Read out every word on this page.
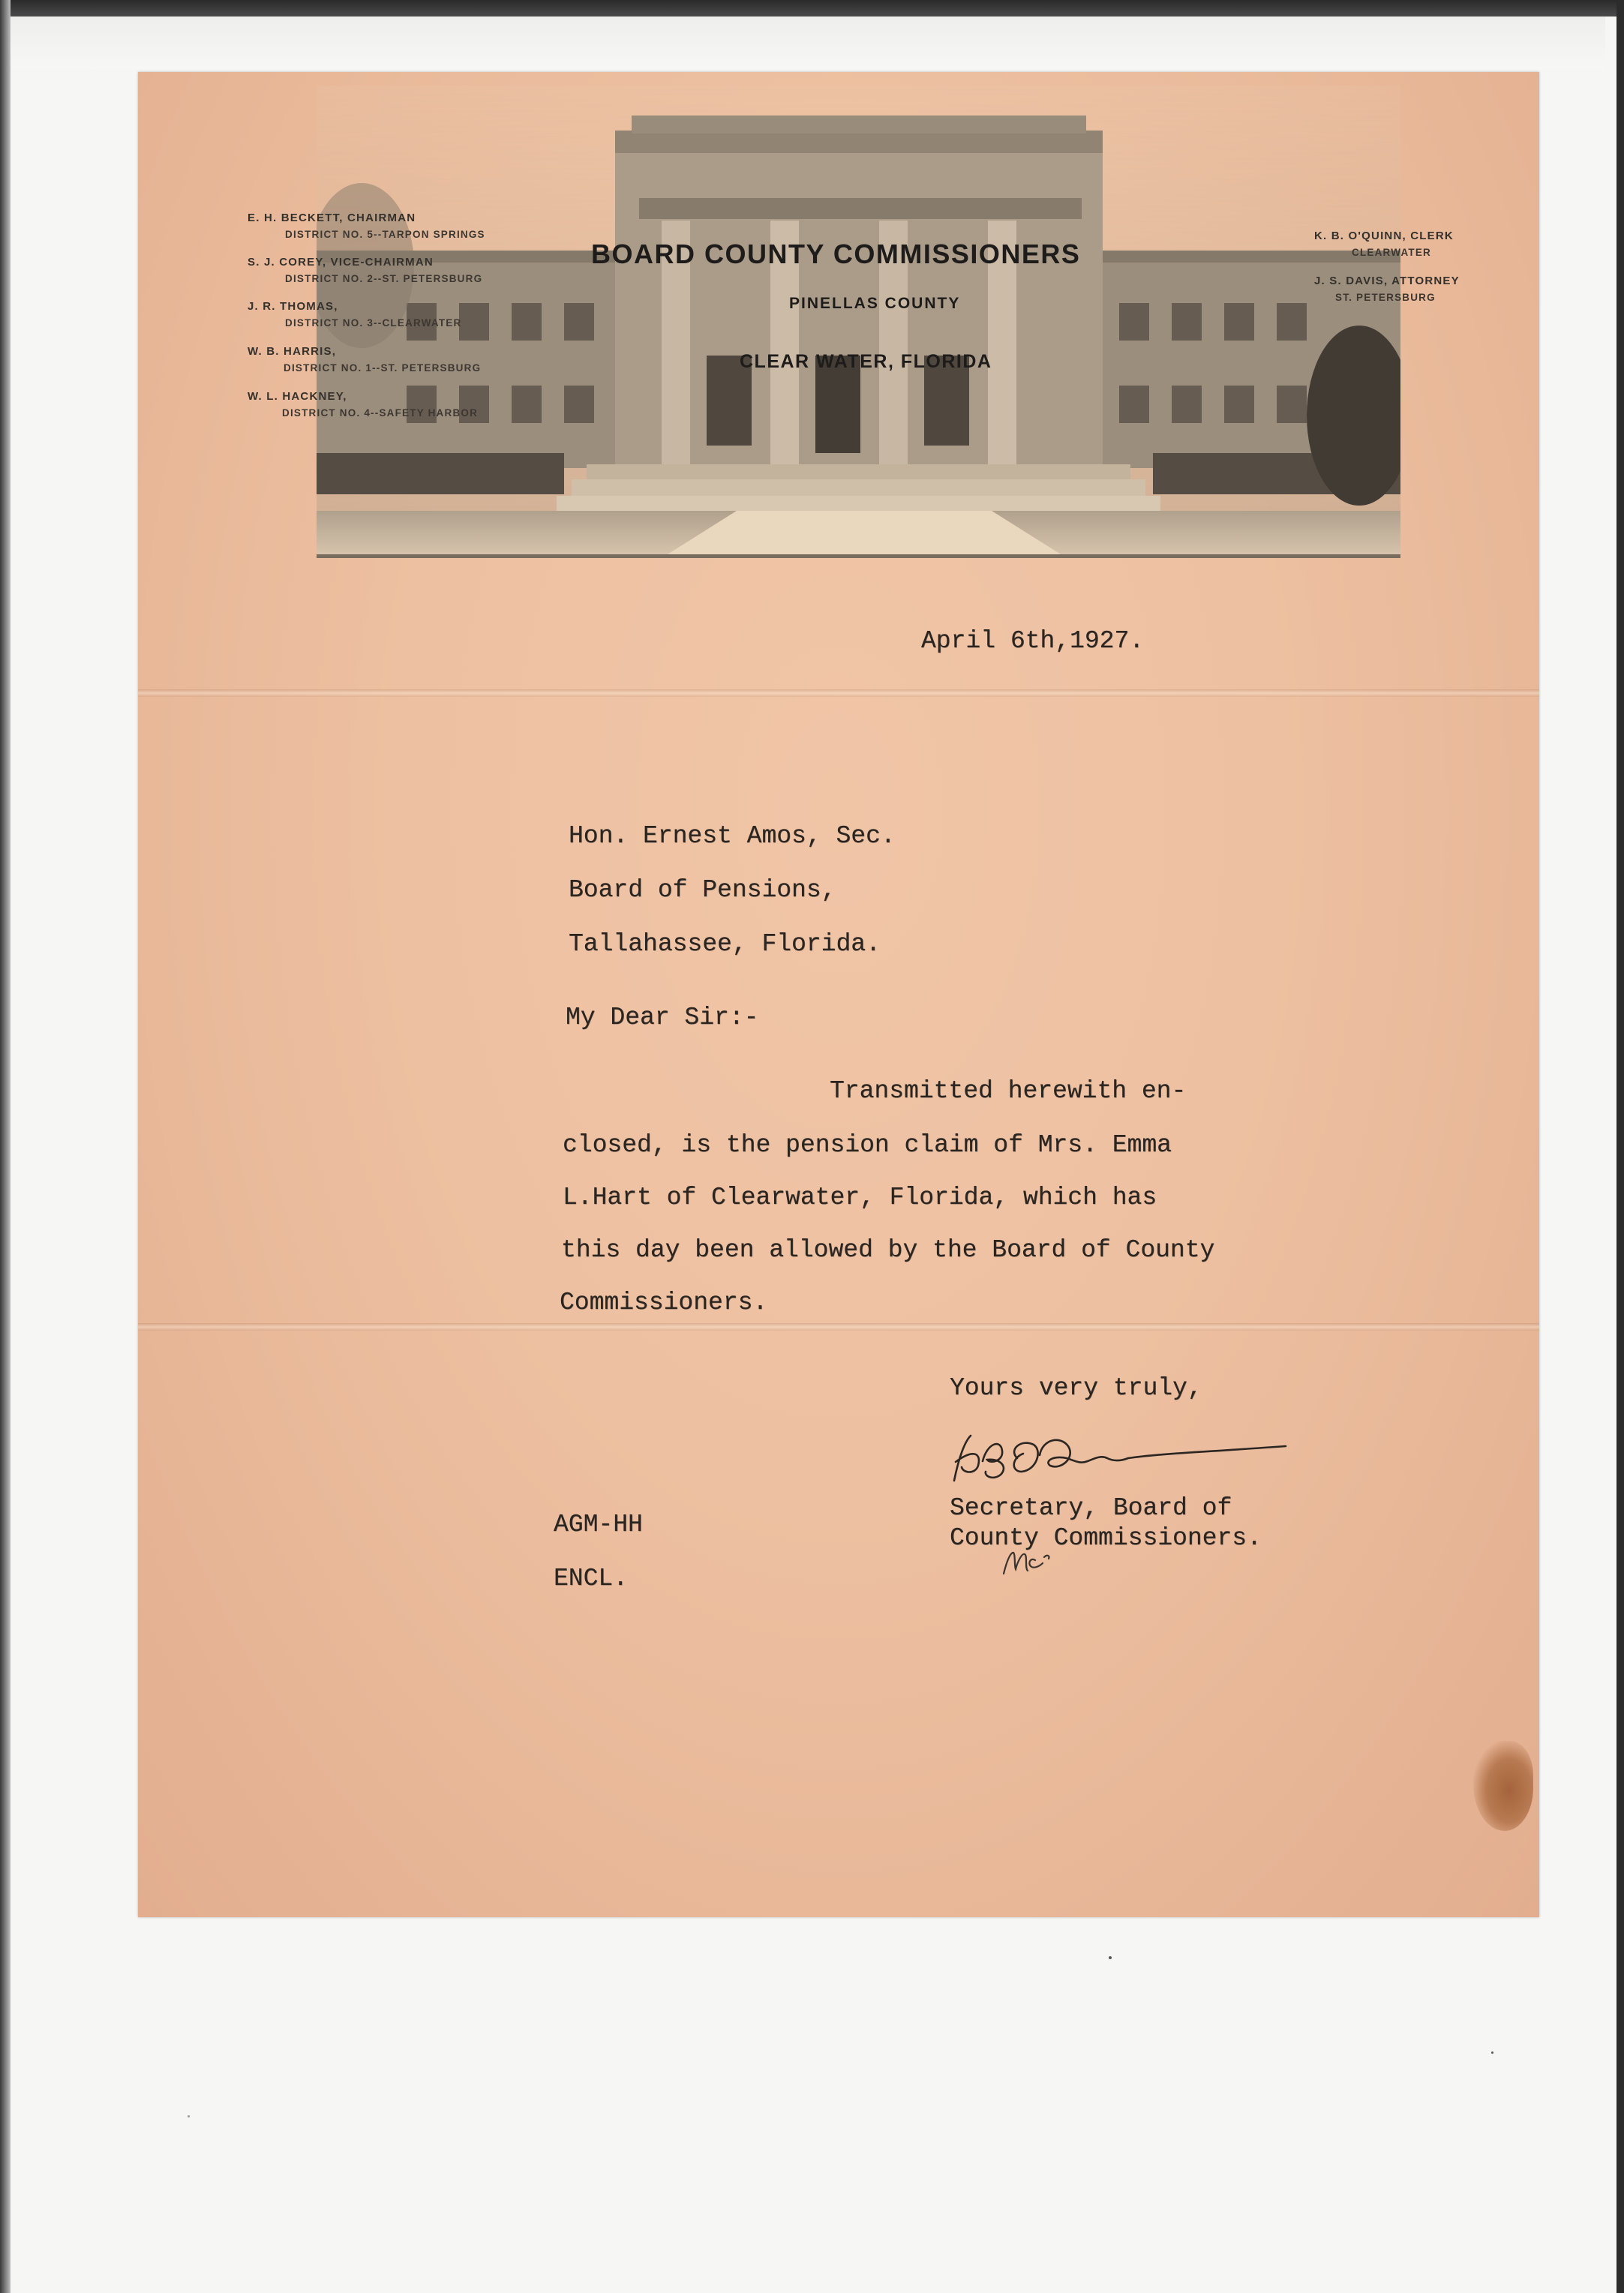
E. H. BECKETT, CHAIRMAN
DISTRICT NO. 5--TARPON SPRINGS
S. J. COREY, VICE-CHAIRMAN
DISTRICT NO. 2--ST. PETERSBURG
J. R. THOMAS,
DISTRICT NO. 3--CLEARWATER
W. B. HARRIS,
DISTRICT NO. 1--ST. PETERSBURG
W. L. HACKNEY,
DISTRICT NO. 4--SAFETY HARBOR
K. B. O'QUINN, CLERK
CLEARWATER
J. S. DAVIS, ATTORNEY
ST. PETERSBURG
BOARD COUNTY COMMISSIONERS
PINELLAS COUNTY
CLEAR WATER, FLORIDA
April 6th,1927.
Hon. Ernest Amos, Sec.
Board of Pensions,
Tallahassee, Florida.
My Dear Sir:-
Transmitted herewith en-
closed, is the pension claim of Mrs. Emma
L.Hart of Clearwater, Florida, which has
this day been allowed by the Board of County
Commissioners.
Yours very truly,
Secretary, Board of
County Commissioners.
AGM-HH
ENCL.
